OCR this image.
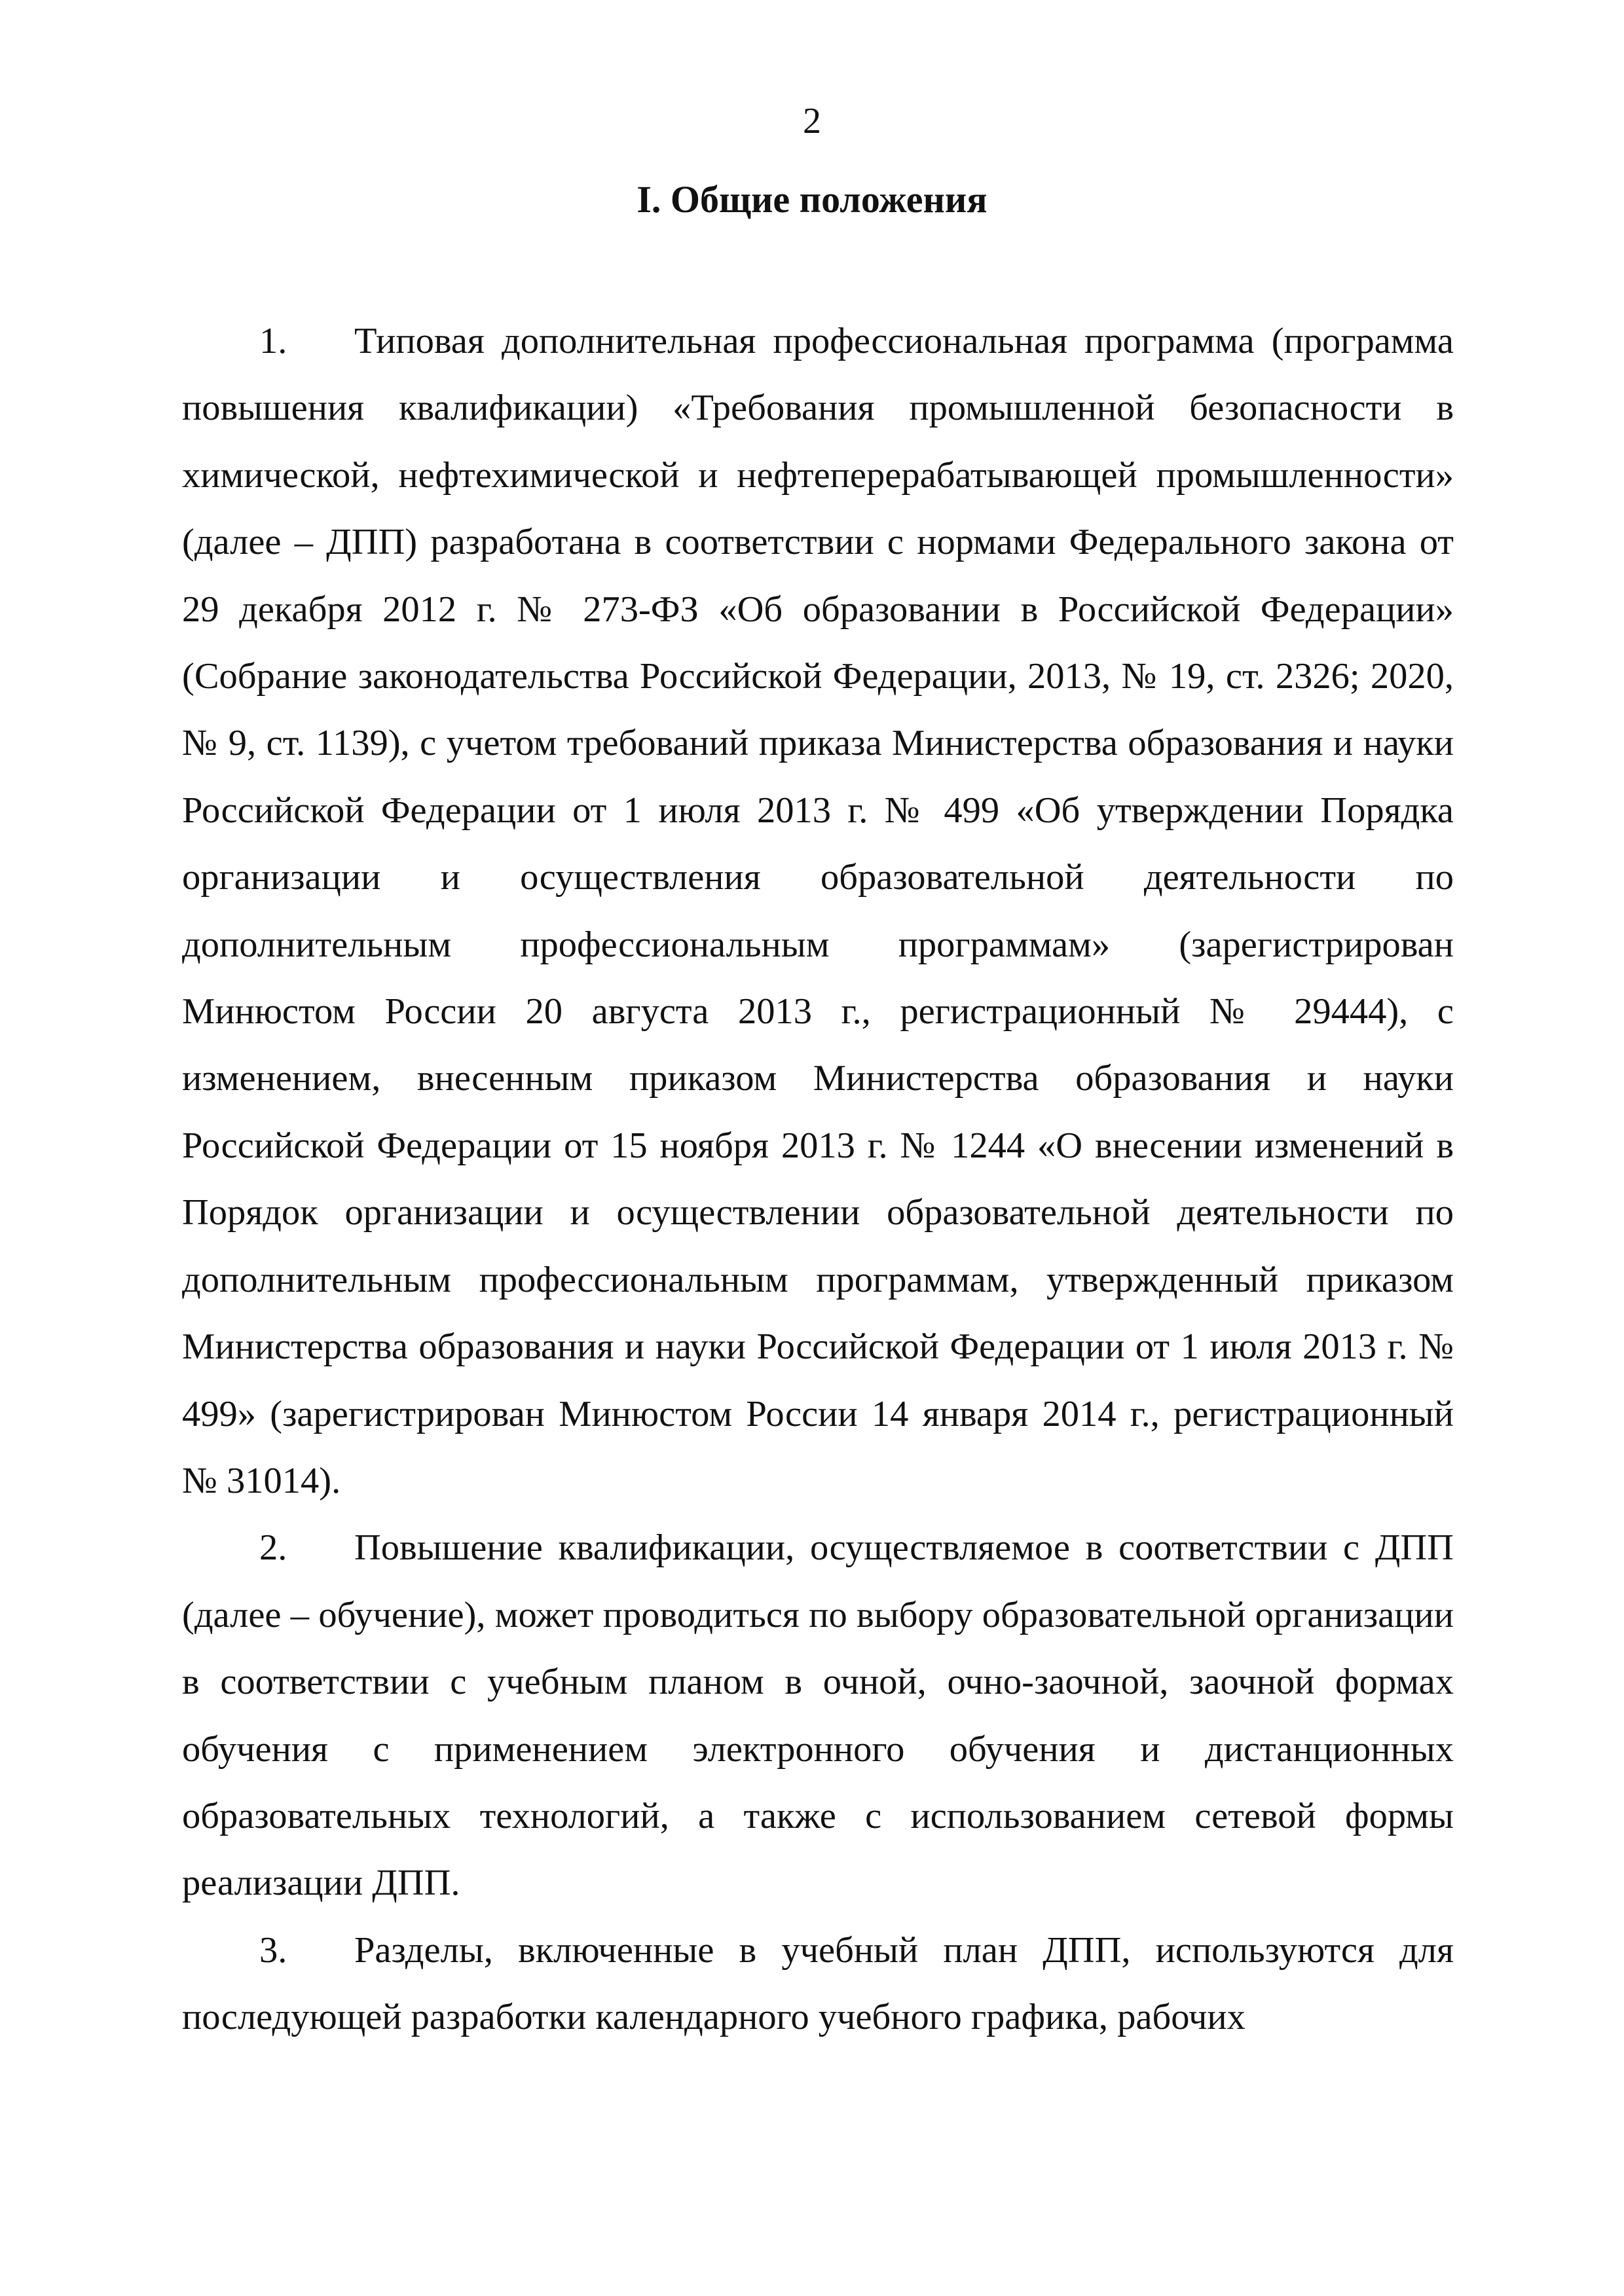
2
I. Общие положения

1. Типовая дополнительная профессиональная программа (программа повышения квалификации) «Требования промышленной безопасности в химической, нефтехимической и нефтеперерабатывающей промышленности» (далее – ДПП) разработана в соответствии с нормами Федерального закона от 29 декабря 2012 г. № 273-ФЗ «Об образовании в Российской Федерации» (Собрание законодательства Российской Федерации, 2013, № 19, ст. 2326; 2020, № 9, ст. 1139), с учетом требований приказа Министерства образования и науки Российской Федерации от 1 июля 2013 г. № 499 «Об утверждении Порядка организации и осуществления образовательной деятельности по дополнительным профессиональным программам» (зарегистрирован Минюстом России 20 августа 2013 г., регистрационный № 29444), с изменением, внесенным приказом Министерства образования и науки Российской Федерации от 15 ноября 2013 г. № 1244 «О внесении изменений в Порядок организации и осуществлении образовательной деятельности по дополнительным профессиональным программам, утвержденный приказом Министерства образования и науки Российской Федерации от 1 июля 2013 г. № 499» (зарегистрирован Минюстом России 14 января 2014 г., регистрационный № 31014).

2. Повышение квалификации, осуществляемое в соответствии с ДПП (далее – обучение), может проводиться по выбору образовательной организации в соответствии с учебным планом в очной, очно-заочной, заочной формах обучения с применением электронного обучения и дистанционных образовательных технологий, а также с использованием сетевой формы реализации ДПП.

3. Разделы, включенные в учебный план ДПП, используются для последующей разработки календарного учебного графика, рабочих
